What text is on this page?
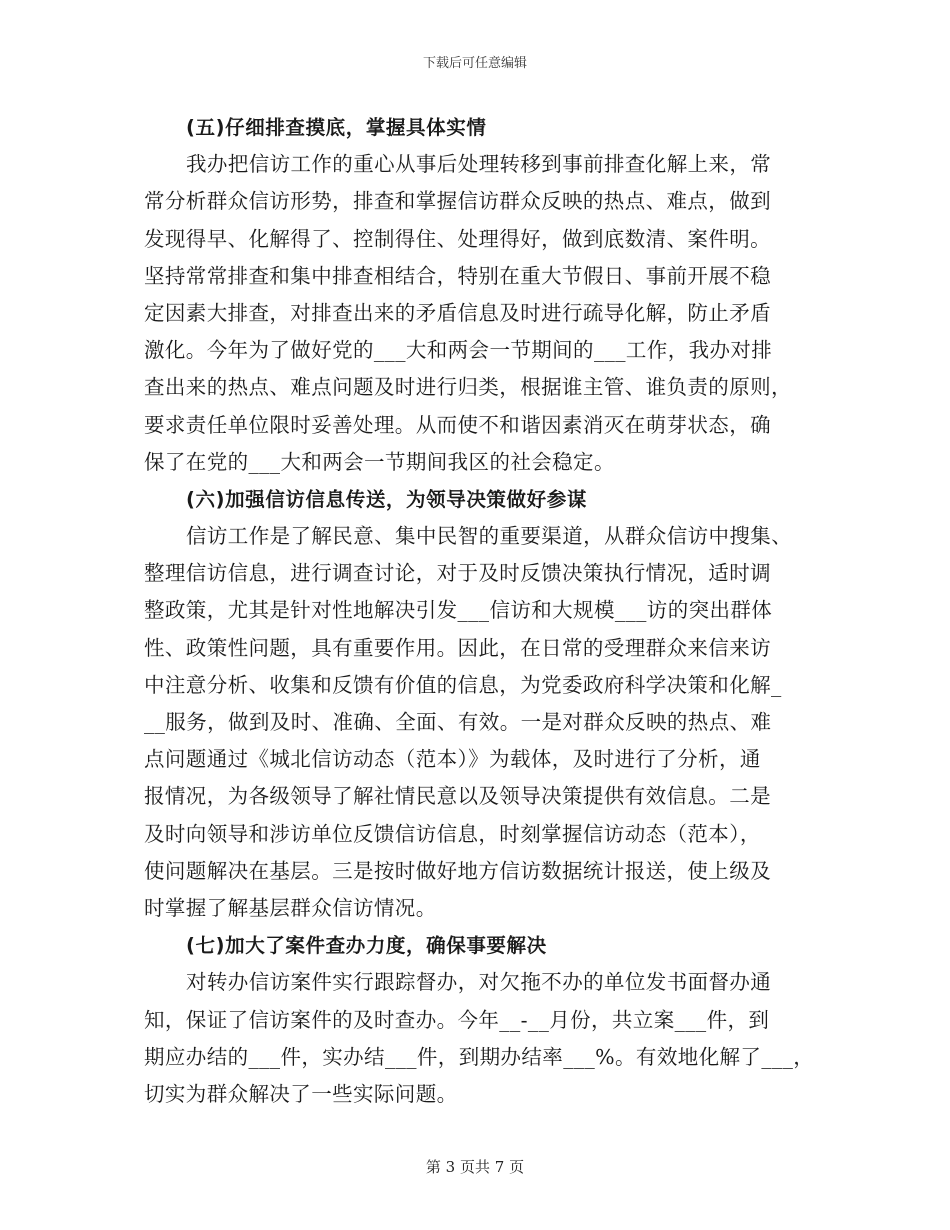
下载后可任意编辑
(五)仔细排查摸底，掌握具体实情
我办把信访工作的重心从事后处理转移到事前排查化解上来，常
常分析群众信访形势，排查和掌握信访群众反映的热点、难点，做到
发现得早、化解得了、控制得住、处理得好，做到底数清、案件明。
坚持常常排查和集中排查相结合，特别在重大节假日、事前开展不稳
定因素大排查，对排查出来的矛盾信息及时进行疏导化解，防止矛盾
激化。今年为了做好党的___大和两会一节期间的___工作，我办对排
查出来的热点、难点问题及时进行归类，根据谁主管、谁负责的原则，
要求责任单位限时妥善处理。从而使不和谐因素消灭在萌芽状态，确
保了在党的___大和两会一节期间我区的社会稳定。
(六)加强信访信息传送，为领导决策做好参谋
信访工作是了解民意、集中民智的重要渠道，从群众信访中搜集、
整理信访信息，进行调查讨论，对于及时反馈决策执行情况，适时调
整政策，尤其是针对性地解决引发___信访和大规模___访的突出群体
性、政策性问题，具有重要作用。因此，在日常的受理群众来信来访
中注意分析、收集和反馈有价值的信息，为党委政府科学决策和化解_
__服务，做到及时、准确、全面、有效。一是对群众反映的热点、难
点问题通过《城北信访动态（范本）》为载体，及时进行了分析，通
报情况，为各级领导了解社情民意以及领导决策提供有效信息。二是
及时向领导和涉访单位反馈信访信息，时刻掌握信访动态（范本），
使问题解决在基层。三是按时做好地方信访数据统计报送，使上级及
时掌握了解基层群众信访情况。
(七)加大了案件查办力度，确保事要解决
对转办信访案件实行跟踪督办，对欠拖不办的单位发书面督办通
知，保证了信访案件的及时查办。今年__-__月份，共立案___件，到
期应办结的___件，实办结___件，到期办结率___%。有效地化解了___，
切实为群众解决了一些实际问题。
第 3 页共 7 页
